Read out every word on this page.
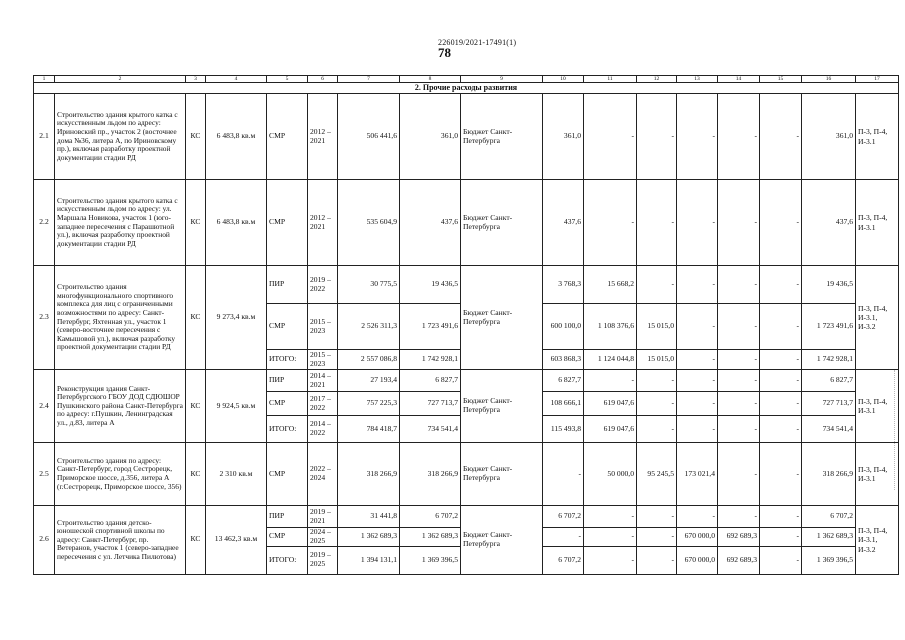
226019/2021-17491(1)
78
1	2	3	4	5	6	7	8	9	10	11	12	13	14	15	16	17
2. Прочие расходы развития																
2.1	Строительство здания крытого катка с искусственным льдом по адресу: Ириновский пр., участок 2 (восточнее дома №36, литера А, по Ириновскому пр.), включая разработку проектной документации стадии РД	КС	6 483,8 кв.м	СМР	2012 – 2021	506 441,6	361,0	Бюджет Санкт-Петербурга	361,0	-	-	-	-	-	361,0	П-3, П-4, И-3.1
2.2	Строительство здания крытого катка с искусственным льдом по адресу: ул. Маршала Новикова, участок 1 (юго-западнее пересечения с Парашютной ул.), включая разработку проектной документации стадии РД	КС	6 483,8 кв.м	СМР	2012 – 2021	535 604,9	437,6	Бюджет Санкт-Петербурга	437,6	-	-	-	-	-	437,6	П-3, П-4, И-3.1
2.3	Строительство здания многофункционального спортивного комплекса для лиц с ограниченными возможностями по адресу: Санкт-Петербург, Яхтенная ул., участок 1 (северо-восточнее пересечения с Камышовой ул.), включая разработку проектной документации стадии РД	КС	9 273,4 кв.м	ПИР	2019 – 2022	30 775,5	19 436,5	Бюджет Санкт-Петербурга	3 768,3	15 668,2	-	-	-	-	19 436,5	П-3, П-4, И-3.1, И-3.2
				СМР	2015 – 2023	2 526 311,3	1 723 491,6		600 100,0	1 108 376,6	15 015,0	-	-	-	1 723 491,6	
				ИТОГО:	2015 – 2023	2 557 086,8	1 742 928,1		603 868,3	1 124 044,8	15 015,0	-	-	-	1 742 928,1	
2.4	Реконструкция здания Санкт-Петербургского ГБОУ ДОД СДЮШОР Пушкинского района Санкт-Петербурга по адресу: г.Пушкин, Ленинградская ул., д.83, литера А	КС	9 924,5 кв.м	ПИР	2014 – 2021	27 193,4	6 827,7	Бюджет Санкт-Петербурга	6 827,7	-	-	-	-	-	6 827,7	П-3, П-4, И-3.1
				СМР	2017 – 2022	757 225,3	727 713,7		108 666,1	619 047,6	-	-	-	-	727 713,7	
				ИТОГО:	2014 – 2022	784 418,7	734 541,4		115 493,8	619 047,6	-	-	-	-	734 541,4	
2.5	Строительство здания по адресу: Санкт-Петербург, город Сестрорецк, Приморское шоссе, д.356, литера А (г.Сестрорецк, Приморское шоссе, 356)	КС	2 310 кв.м	СМР	2022 – 2024	318 266,9	318 266,9	Бюджет Санкт-Петербурга	-	50 000,0	95 245,5	173 021,4	-	-	318 266,9	П-3, П-4, И-3.1
2.6	Строительство здания детско-юношеской спортивной школы по адресу: Санкт-Петербург, пр. Ветеранов, участок 1 (северо-западнее пересечения с ул. Летчика Пилютова)	КС	13 462,3 кв.м	ПИР	2019 – 2021	31 441,8	6 707,2	Бюджет Санкт-Петербурга	6 707,2	-	-	-	-	-	6 707,2	П-3, П-4, И-3.1, И-3.2
				СМР	2024 – 2025	1 362 689,3	1 362 689,3		-	-	-	670 000,0	692 689,3	-	1 362 689,3	
				ИТОГО:	2019 – 2025	1 394 131,1	1 369 396,5		6 707,2	-	-	670 000,0	692 689,3	-	1 369 396,5	
